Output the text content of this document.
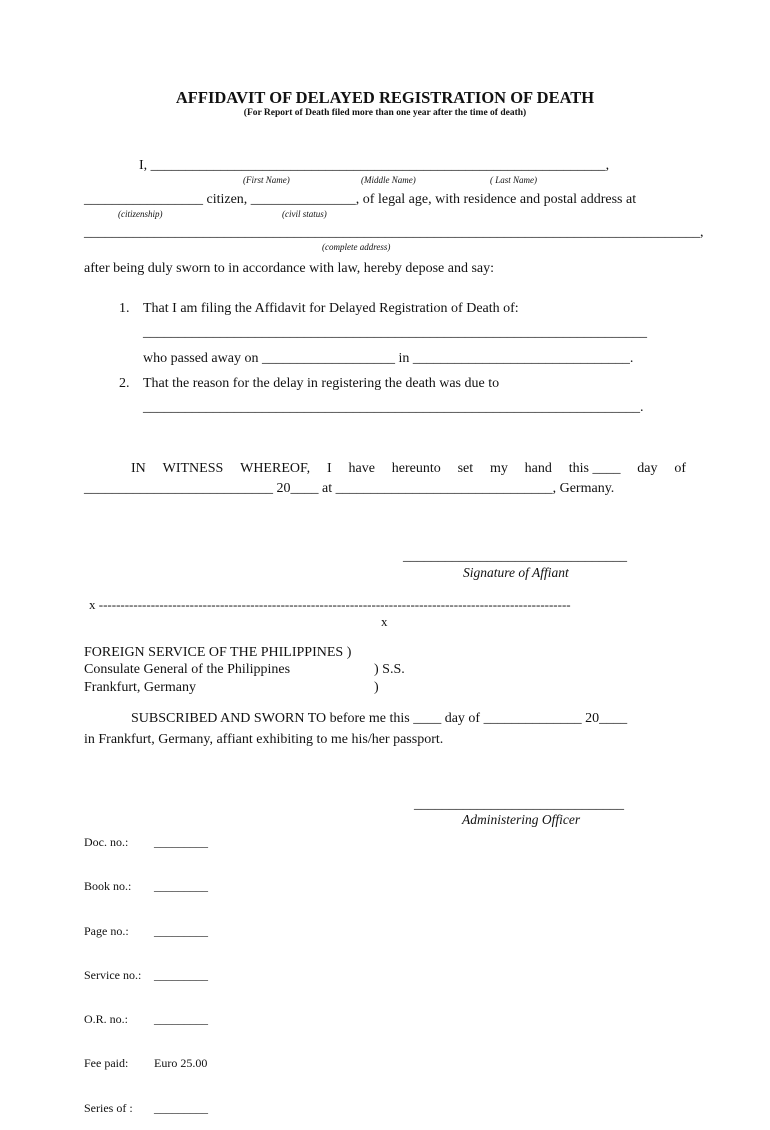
AFFIDAVIT OF DELAYED REGISTRATION OF DEATH
(For Report of Death filed more than one year after the time of death)
I, _________________________________________________________________,
(First Name)	(Middle Name)	( Last Name)
_________________ citizen, _______________, of legal age, with residence and postal address at
(citizenship)	(civil status)
________________________________________________________________________________________,
(complete address)
after being duly sworn to in accordance with law, hereby depose and say:
1. That I am filing the Affidavit for Delayed Registration of Death of:
________________________________________________________________________
who passed away on ___________________ in _______________________________.
2. That the reason for the delay in registering the death was due to
_______________________________________________________________________.
IN WITNESS WHEREOF, I have hereunto set my hand this ____ day of
___________________________ 20____ at _______________________________, Germany.
________________________________
Signature of Affiant
x -------------------------------------------------------------------------------------------------------------
x
FOREIGN SERVICE OF THE PHILIPPINES )
Consulate General of the Philippines	) S.S.
Frankfurt, Germany	)
SUBSCRIBED AND SWORN TO before me this ____ day of ______________ 20____
in Frankfurt, Germany, affiant exhibiting to me his/her passport.
______________________________
Administering Officer

Doc. no.: _________

Book no.: _________

Page no.: _________

Service no.: _________

O.R. no.: _________

Fee paid: Euro 25.00

Series of : _________
